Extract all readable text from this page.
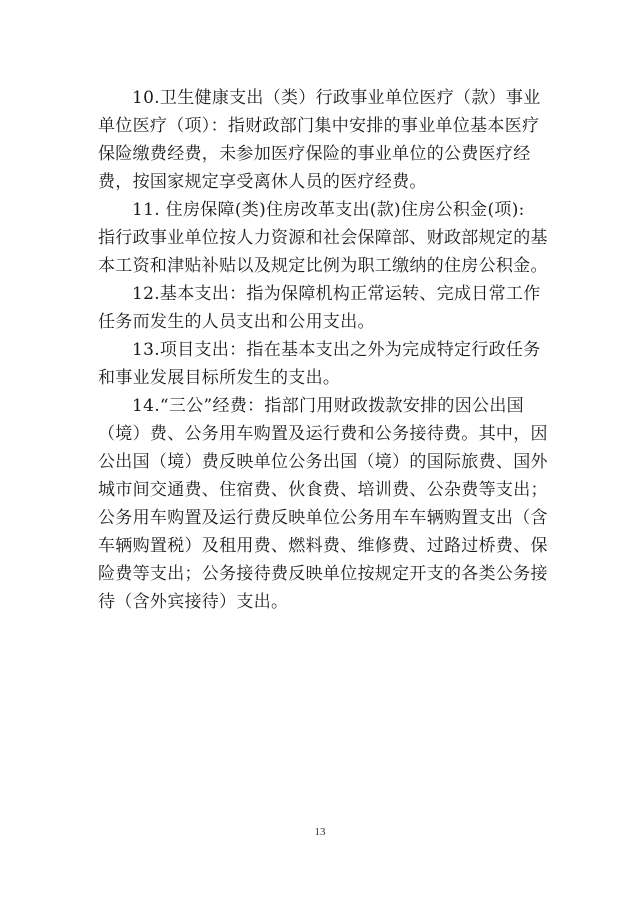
10.卫生健康支出（类）行政事业单位医疗（款）事业
单位医疗（项）：指财政部门集中安排的事业单位基本医疗
保险缴费经费，未参加医疗保险的事业单位的公费医疗经
费，按国家规定享受离休人员的医疗经费。

11. 住房保障(类)住房改革支出(款)住房公积金(项):
指行政事业单位按人力资源和社会保障部、财政部规定的基
本工资和津贴补贴以及规定比例为职工缴纳的住房公积金。

12.基本支出：指为保障机构正常运转、完成日常工作
任务而发生的人员支出和公用支出。

13.项目支出：指在基本支出之外为完成特定行政任务
和事业发展目标所发生的支出。

14.“三公”经费：指部门用财政拨款安排的因公出国
（境）费、公务用车购置及运行费和公务接待费。其中，因
公出国（境）费反映单位公务出国（境）的国际旅费、国外
城市间交通费、住宿费、伙食费、培训费、公杂费等支出；
公务用车购置及运行费反映单位公务用车车辆购置支出（含
车辆购置税）及租用费、燃料费、维修费、过路过桥费、保
险费等支出；公务接待费反映单位按规定开支的各类公务接
待（含外宾接待）支出。

13
